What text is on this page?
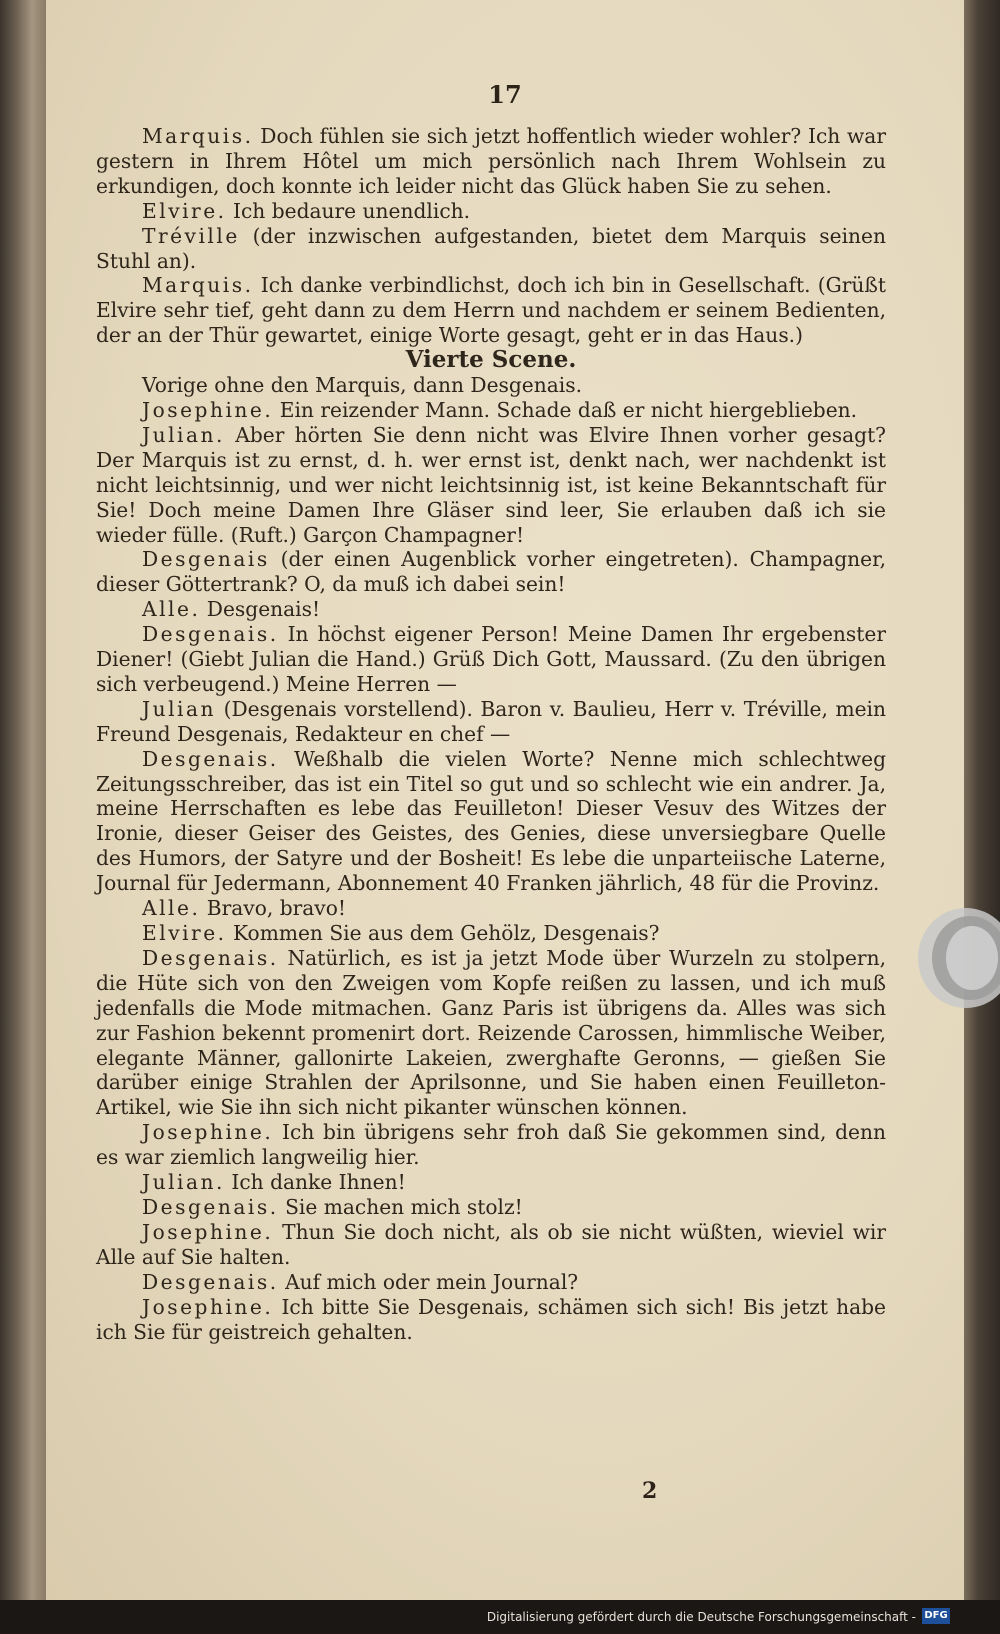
17

Marquis. Doch fühlen sie sich jetzt hoffentlich wieder wohler? Ich war gestern in Ihrem Hôtel um mich persönlich nach Ihrem Wohlsein zu erkundigen, doch konnte ich leider nicht das Glück haben Sie zu sehen.

Elvire. Ich bedaure unendlich.

Tréville (der inzwischen aufgestanden, bietet dem Marquis seinen Stuhl an).

Marquis. Ich danke verbindlichst, doch ich bin in Gesellschaft. (Grüßt Elvire sehr tief, geht dann zu dem Herrn und nachdem er seinem Bedienten, der an der Thür gewartet, einige Worte gesagt, geht er in das Haus.)

Vierte Scene.

Vorige ohne den Marquis, dann Desgenais.

Josephine. Ein reizender Mann. Schade daß er nicht hiergeblieben.

Julian. Aber hörten Sie denn nicht was Elvire Ihnen vorher gesagt? Der Marquis ist zu ernst, d. h. wer ernst ist, denkt nach, wer nachdenkt ist nicht leichtsinnig, und wer nicht leichtsinnig ist, ist keine Bekanntschaft für Sie! Doch meine Damen Ihre Gläser sind leer, Sie erlauben daß ich sie wieder fülle. (Ruft.) Garçon Champagner!

Desgenais (der einen Augenblick vorher eingetreten). Champagner, dieser Göttertrank? O, da muß ich dabei sein!

Alle. Desgenais!

Desgenais. In höchst eigener Person! Meine Damen Ihr ergebenster Diener! (Giebt Julian die Hand.) Grüß Dich Gott, Maussard. (Zu den übrigen sich verbeugend.) Meine Herren —

Julian (Desgenais vorstellend). Baron v. Baulieu, Herr v. Tréville, mein Freund Desgenais, Redakteur en chef —

Desgenais. Weßhalb die vielen Worte? Nenne mich schlechtweg Zeitungsschreiber, das ist ein Titel so gut und so schlecht wie ein andrer. Ja, meine Herrschaften es lebe das Feuilleton! Dieser Vesuv des Witzes der Ironie, dieser Geiser des Geistes, des Genies, diese unversiegbare Quelle des Humors, der Satyre und der Bosheit! Es lebe die unparteiische Laterne, Journal für Jedermann, Abonnement 40 Franken jährlich, 48 für die Provinz.

Alle. Bravo, bravo!

Elvire. Kommen Sie aus dem Gehölz, Desgenais?

Desgenais. Natürlich, es ist ja jetzt Mode über Wurzeln zu stolpern, die Hüte sich von den Zweigen vom Kopfe reißen zu lassen, und ich muß jedenfalls die Mode mitmachen. Ganz Paris ist übrigens da. Alles was sich zur Fashion bekennt promenirt dort. Reizende Carossen, himmlische Weiber, elegante Männer, gallonirte Lakeien, zwerghafte Geronns, — gießen Sie darüber einige Strahlen der Aprilsonne, und Sie haben einen Feuilleton-Artikel, wie Sie ihn sich nicht pikanter wünschen können.

Josephine. Ich bin übrigens sehr froh daß Sie gekommen sind, denn es war ziemlich langweilig hier.

Julian. Ich danke Ihnen!

Desgenais. Sie machen mich stolz!

Josephine. Thun Sie doch nicht, als ob sie nicht wüßten, wieviel wir Alle auf Sie halten.

Desgenais. Auf mich oder mein Journal?

Josephine. Ich bitte Sie Desgenais, schämen sich sich! Bis jetzt habe ich Sie für geistreich gehalten.

2
Digitalisierung gefördert durch die Deutsche Forschungsgemeinschaft - DFG
